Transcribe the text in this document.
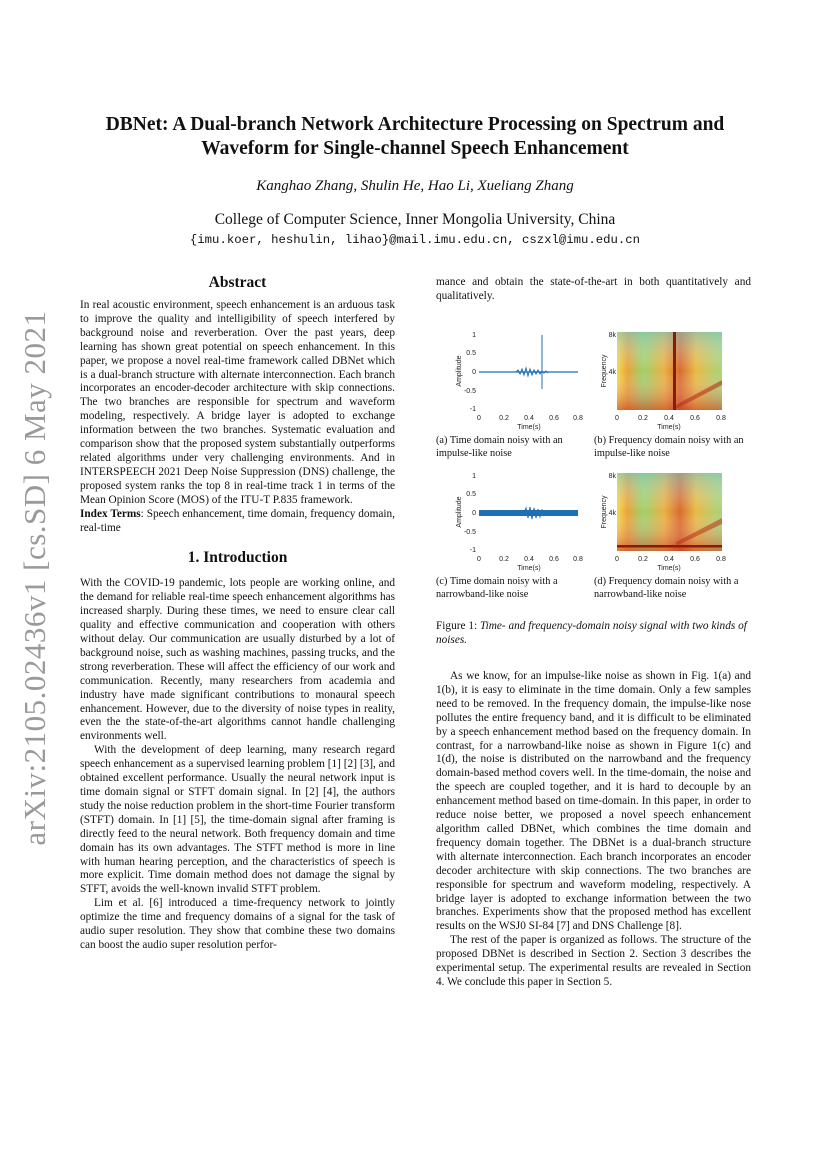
arXiv:2105.02436v1 [cs.SD] 6 May 2021
DBNet: A Dual-branch Network Architecture Processing on Spectrum and Waveform for Single-channel Speech Enhancement
Kanghao Zhang, Shulin He, Hao Li, Xueliang Zhang
College of Computer Science, Inner Mongolia University, China
{imu.koer, heshulin, lihao}@mail.imu.edu.cn, cszxl@imu.edu.cn
Abstract
In real acoustic environment, speech enhancement is an arduous task to improve the quality and intelligibility of speech interfered by background noise and reverberation. Over the past years, deep learning has shown great potential on speech enhancement. In this paper, we propose a novel real-time framework called DBNet which is a dual-branch structure with alternate interconnection. Each branch incorporates an encoder-decoder architecture with skip connections. The two branches are responsible for spectrum and waveform modeling, respectively. A bridge layer is adopted to exchange information between the two branches. Systematic evaluation and comparison show that the proposed system substantially outperforms related algorithms under very challenging environments. And in INTERSPEECH 2021 Deep Noise Suppression (DNS) challenge, the proposed system ranks the top 8 in real-time track 1 in terms of the Mean Opinion Score (MOS) of the ITU-T P.835 framework.
Index Terms: Speech enhancement, time domain, frequency domain, real-time
1. Introduction
With the COVID-19 pandemic, lots people are working online, and the demand for reliable real-time speech enhancement algorithms has increased sharply. During these times, we need to ensure clear call quality and effective communication and cooperation with others without delay. Our communication are usually disturbed by a lot of background noise, such as washing machines, passing trucks, and the strong reverberation. These will affect the efficiency of our work and communication. Recently, many researchers from academia and industry have made significant contributions to monaural speech enhancement. However, due to the diversity of noise types in reality, even the the state-of-the-art algorithms cannot handle challenging environments well.
With the development of deep learning, many research regard speech enhancement as a supervised learning problem [1] [2] [3], and obtained excellent performance. Usually the neural network input is time domain signal or STFT domain signal. In [2] [4], the authors study the noise reduction problem in the short-time Fourier transform (STFT) domain. In [1] [5], the time-domain signal after framing is directly feed to the neural network. Both frequency domain and time domain has its own advantages. The STFT method is more in line with human hearing perception, and the characteristics of speech is more explicit. Time domain method does not damage the signal by STFT, avoids the well-known invalid STFT problem.
Lim et al. [6] introduced a time-frequency network to jointly optimize the time and frequency domains of a signal for the task of audio super resolution. They show that combine these two domains can boost the audio super resolution perfor-
mance and obtain the state-of-the-art in both quantitatively and qualitatively.
1
0.5
0
-0.5
-1
Amplitude
0	0.2 0.4 0.6 0.8
Time(s)
8k
4k
Frequency
0	0.2 0.4 0.6 0.8
Time(s)
1
0.5
0
-0.5
-1
Amplitude
0	0.2 0.4 0.6 0.8
Time(s)
8k
4k
Frequency
0	0.2 0.4 0.6 0.8
Time(s)
(a) Time domain noisy with an impulse-like noise
(b) Frequency domain noisy with an impulse-like noise
(c) Time domain noisy with a narrowband-like noise
(d) Frequency domain noisy with a narrowband-like noise
Figure 1: Time- and frequency-domain noisy signal with two kinds of noises.
As we know, for an impulse-like noise as shown in Fig. 1(a) and 1(b), it is easy to eliminate in the time domain. Only a few samples need to be removed. In the frequency domain, the impulse-like nose pollutes the entire frequency band, and it is difficult to be eliminated by a speech enhancement method based on the frequency domain. In contrast, for a narrowband-like noise as shown in Figure 1(c) and 1(d), the noise is distributed on the narrowband and the frequency domain-based method covers well. In the time-domain, the noise and the speech are coupled together, and it is hard to decouple by an enhancement method based on time-domain. In this paper, in order to reduce noise better, we proposed a novel speech enhancement algorithm called DBNet, which combines the time domain and frequency domain together. The DBNet is a dual-branch structure with alternate interconnection. Each branch incorporates an encoder decoder architecture with skip connections. The two branches are responsible for spectrum and waveform modeling, respectively. A bridge layer is adopted to exchange information between the two branches. Experiments show that the proposed method has excellent results on the WSJ0 SI-84 [7] and DNS Challenge [8].
The rest of the paper is organized as follows. The structure of the proposed DBNet is described in Section 2. Section 3 describes the experimental setup. The experimental results are revealed in Section 4. We conclude this paper in Section 5.
